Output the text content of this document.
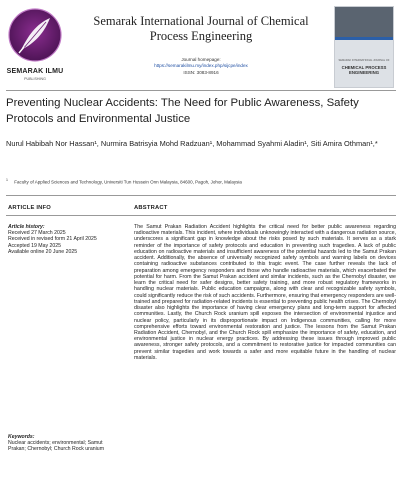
SEMARAK ILMU
PUBLISHING
Semarak International Journal of Chemical Process Engineering
Journal homepage:
https://semarakilmu.my/index.php/sijcpe/index
ISSN: 3083-8916
SEMARAK INTERNATIONAL JOURNAL OF
CHEMICAL PROCESS ENGINEERING
Preventing Nuclear Accidents: The Need for Public Awareness, Safety Protocols and Environmental Justice
Nurul Habibah Nor Hassan¹, Nurmira Batrisyia Mohd Radzuan¹, Mohammad Syahmi Aladin¹, Siti Amira Othman¹,*
$^1$ Faculty of Applied Sciences and Technology, Universiti Tun Hussein Onn Malaysia, 84600, Pagoh, Johor, Malaysia
ARTICLE INFO	ABSTRACT
Article history:
Received 27 March 2025
Received in revised form 21 April 2025
Accepted 19 May 2025
Available online 20 June 2025
Keywords:
Nuclear accidents; environmental; Samut Prakan; Chernobyl; Church Rock uranium

The Samut Prakan Radiation Accident highlights the critical need for better public awareness regarding radioactive materials. This incident, where individuals unknowingly interacted with a dangerous radiation source, underscores a significant gap in knowledge about the risks posed by such materials. It serves as a stark reminder of the importance of safety protocols and education in preventing such tragedies. A lack of public education on radioactive materials and insufficient awareness of the potential hazards led to the Samut Prakan accident. Additionally, the absence of universally recognized safety symbols and warning labels on devices containing radioactive substances contributed to this tragic event. The case further reveals the lack of preparation among emergency responders and those who handle radioactive materials, which exacerbated the potential for harm. From the Samut Prakan accident and similar incidents, such as the Chernobyl disaster, we learn the critical need for safer designs, better safety training, and more robust regulatory frameworks in handling nuclear materials. Public education campaigns, along with clear and recognizable safety symbols, could significantly reduce the risk of such accidents. Furthermore, ensuring that emergency responders are well-trained and prepared for radiation-related incidents is essential to preventing public health crises. The Chernobyl disaster also highlights the importance of having clear emergency plans and long-term support for affected communities. Lastly, the Church Rock uranium spill exposes the intersection of environmental injustice and nuclear policy, particularly in its disproportionate impact on Indigenous communities, calling for more comprehensive efforts toward environmental restoration and justice. The lessons from the Samut Prakan Radiation Accident, Chernobyl, and the Church Rock spill emphasize the importance of safety, education, and environmental justice in nuclear energy practices. By addressing these issues through improved public awareness, stronger safety protocols, and a commitment to restorative justice for impacted communities can prevent similar tragedies and work towards a safer and more equitable future in the handling of nuclear materials.
